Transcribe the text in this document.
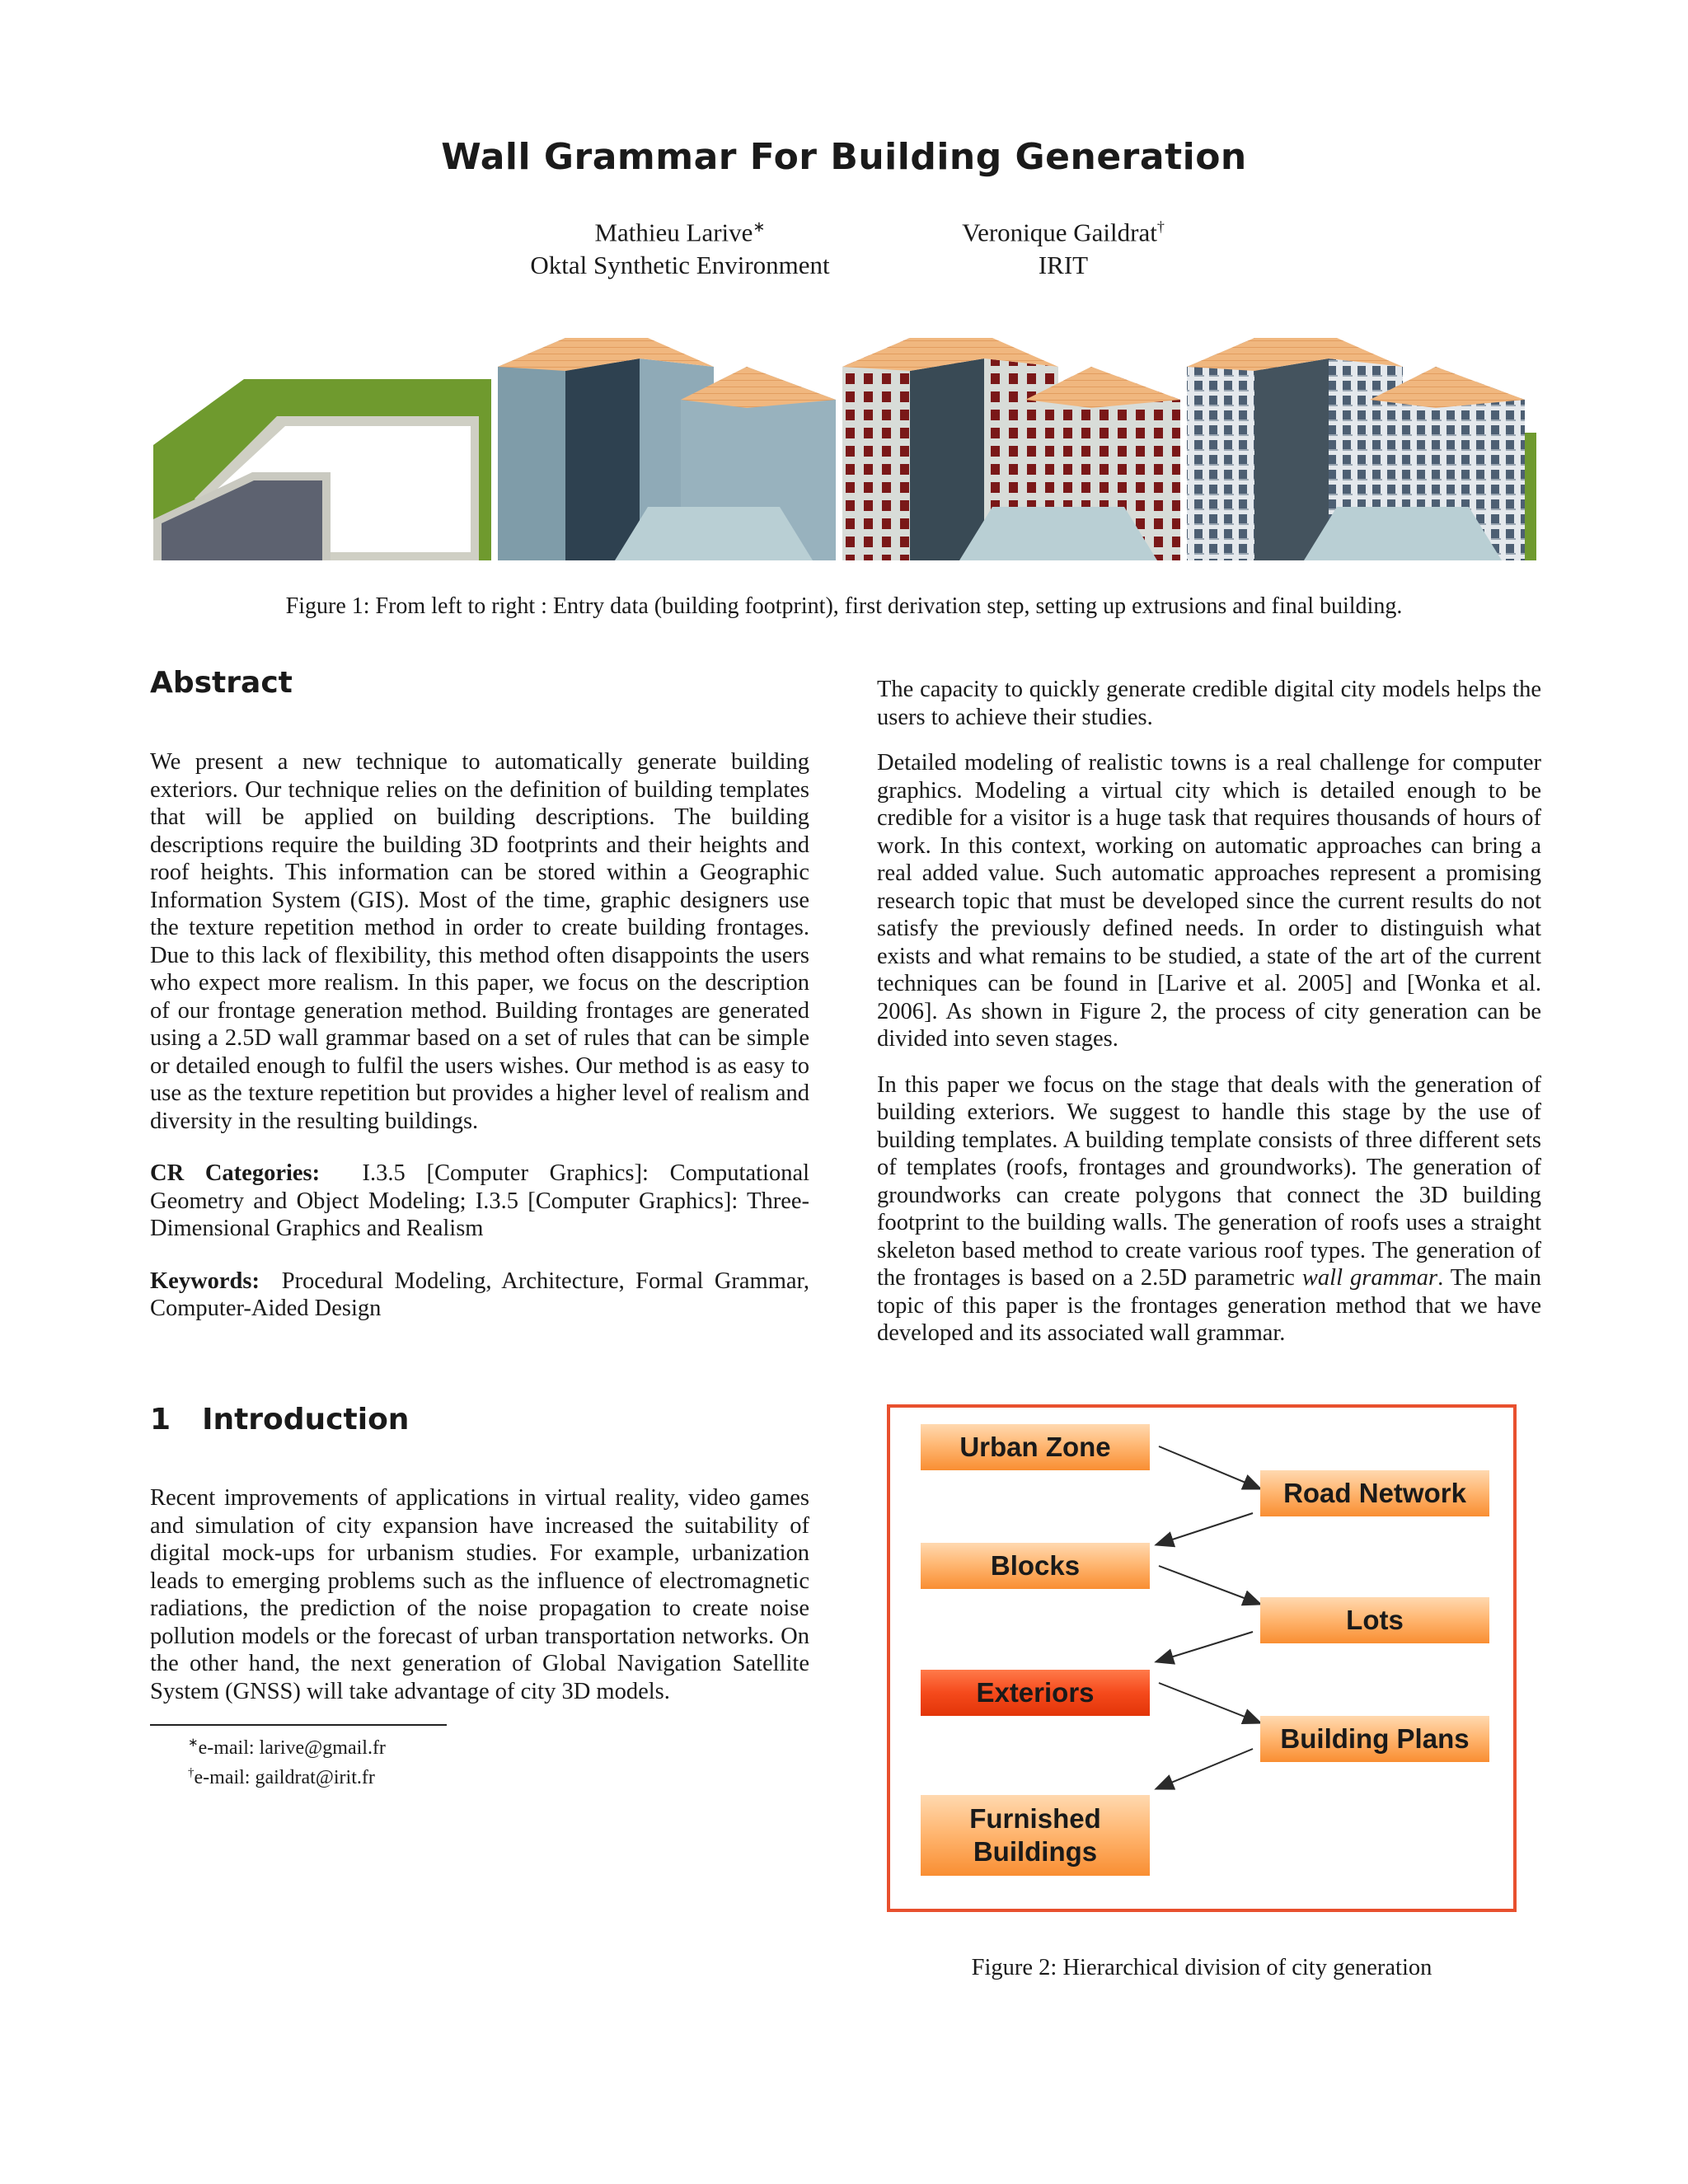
Wall Grammar For Building Generation
Mathieu Larive∗
Oktal Synthetic Environment
Veronique Gaildrat†
IRIT
Figure 1: From left to right : Entry data (building footprint), first derivation step, setting up extrusions and final building.
Abstract

We present a new technique to automatically generate building exteriors. Our technique relies on the definition of building templates that will be applied on building descriptions. The building descriptions require the building 3D footprints and their heights and roof heights. This information can be stored within a Geographic Information System (GIS). Most of the time, graphic designers use the texture repetition method in order to create building frontages. Due to this lack of flexibility, this method often disappoints the users who expect more realism. In this paper, we focus on the description of our frontage generation method. Building frontages are generated using a 2.5D wall grammar based on a set of rules that can be simple or detailed enough to fulfil the users wishes. Our method is as easy to use as the texture repetition but provides a higher level of realism and diversity in the resulting buildings.

CR Categories: I.3.5 [Computer Graphics]: Computational Geometry and Object Modeling; I.3.5 [Computer Graphics]: Three-Dimensional Graphics and Realism

Keywords: Procedural Modeling, Architecture, Formal Grammar, Computer-Aided Design

1 Introduction

Recent improvements of applications in virtual reality, video games and simulation of city expansion have increased the suitability of digital mock-ups for urbanism studies. For example, urbanization leads to emerging problems such as the influence of electromagnetic radiations, the prediction of the noise propagation to create noise pollution models or the forecast of urban transportation networks. On the other hand, the next generation of Global Navigation Satellite System (GNSS) will take advantage of city 3D models.

∗e-mail: larive@gmail.fr
†e-mail: gaildrat@irit.fr

The capacity to quickly generate credible digital city models helps the users to achieve their studies.

Detailed modeling of realistic towns is a real challenge for computer graphics. Modeling a virtual city which is detailed enough to be credible for a visitor is a huge task that requires thousands of hours of work. In this context, working on automatic approaches can bring a real added value. Such automatic approaches represent a promising research topic that must be developed since the current results do not satisfy the previously defined needs. In order to distinguish what exists and what remains to be studied, a state of the art of the current techniques can be found in [Larive et al. 2005] and [Wonka et al. 2006]. As shown in Figure 2, the process of city generation can be divided into seven stages.

In this paper we focus on the stage that deals with the generation of building exteriors. We suggest to handle this stage by the use of building templates. A building template consists of three different sets of templates (roofs, frontages and groundworks). The generation of groundworks can create polygons that connect the 3D building footprint to the building walls. The generation of roofs uses a straight skeleton based method to create various roof types. The generation of the frontages is based on a 2.5D parametric wall grammar. The main topic of this paper is the frontages generation method that we have developed and its associated wall grammar.

Urban Zone
Road Network
Blocks
Lots
Exteriors
Building Plans
Furnished Buildings
Figure 2: Hierarchical division of city generation
